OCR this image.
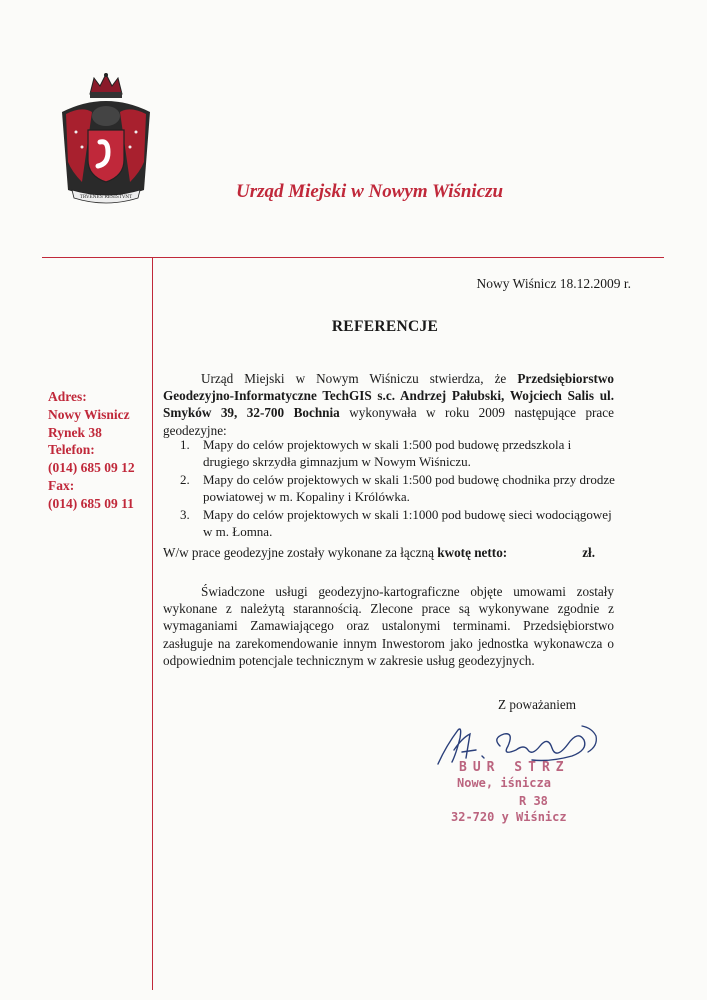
TRVENES RESISTVNT	Urząd Miejski w Nowym Wiśniczu
Adres:
Nowy Wisnicz
Rynek 38
Telefon:
(014) 685 09 12
Fax:
(014) 685 09 11
Nowy Wiśnicz 18.12.2009 r.
REFERENCJE
Urząd Miejski w Nowym Wiśniczu stwierdza, że Przedsiębiorstwo Geodezyjno-Informatyczne TechGIS s.c. Andrzej Pałubski, Wojciech Salis ul. Smyków 39, 32-700 Bochnia wykonywała w roku 2009 następujące prace geodezyjne:
1. Mapy do celów projektowych w skali 1:500 pod budowę przedszkola i drugiego skrzydła gimnazjum w Nowym Wiśniczu.
2. Mapy do celów projektowych w skali 1:500 pod budowę chodnika przy drodze powiatowej w m. Kopaliny i Królówka.
3. Mapy do celów projektowych w skali 1:1000 pod budowę sieci wodociągowej w m. Łomna.
W/w prace geodezyjne zostały wykonane za łączną kwotę netto:	zł.
Świadczone usługi geodezyjno-kartograficzne objęte umowami zostały wykonane z należytą starannością. Zlecone prace są wykonywane zgodnie z wymaganiami Zamawiającego oraz ustalonymi terminami. Przedsiębiorstwo zasługuje na zarekomendowanie innym Inwestorom jako jednostka wykonawcza o odpowiednim potencjale technicznym w zakresie usług geodezyjnych.
Z poważaniem
BUR STRZ
Nowe, iśnicza
R 38
32-720 y Wiśnicz
